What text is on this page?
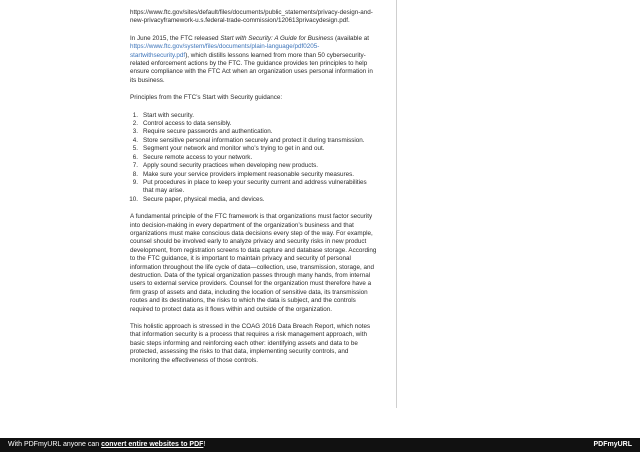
https://www.ftc.gov/sites/default/files/documents/public_statements/privacy-design-and-new-privacyframework-u.s.federal-trade-commission/120613privacydesign.pdf.

In June 2015, the FTC released Start with Security: A Guide for Business (available at https://www.ftc.gov/system/files/documents/plain-language/pdf0205-startwithsecurity.pdf), which distills lessons learned from more than 50 cybersecurity-related enforcement actions by the FTC. The guidance provides ten principles to help ensure compliance with the FTC Act when an organization uses personal information in its business.

Principles from the FTC’s Start with Security guidance:

1. Start with security.
2. Control access to data sensibly.
3. Require secure passwords and authentication.
4. Store sensitive personal information securely and protect it during transmission.
5. Segment your network and monitor who’s trying to get in and out.
6. Secure remote access to your network.
7. Apply sound security practices when developing new products.
8. Make sure your service providers implement reasonable security measures.
9. Put procedures in place to keep your security current and address vulnerabilities that may arise.
10. Secure paper, physical media, and devices.

A fundamental principle of the FTC framework is that organizations must factor security into decision-making in every department of the organization’s business and that organizations must make conscious data decisions every step of the way. For example, counsel should be involved early to analyze privacy and security risks in new product development, from registration screens to data capture and database storage. According to the FTC guidance, it is important to maintain privacy and security of personal information throughout the life cycle of data—collection, use, transmission, storage, and destruction. Data of the typical organization passes through many hands, from internal users to external service providers. Counsel for the organization must therefore have a firm grasp of assets and data, including the location of sensitive data, its transmission routes and its destinations, the risks to which the data is subject, and the controls required to protect data as it flows within and outside of the organization.

This holistic approach is stressed in the COAG 2016 Data Breach Report, which notes that information security is a process that requires a risk management approach, with basic steps informing and reinforcing each other: identifying assets and data to be protected, assessing the risks to that data, implementing security controls, and monitoring the effectiveness of those controls.

With PDFmyURL anyone can convert entire websites to PDF!	PDFmyURL
